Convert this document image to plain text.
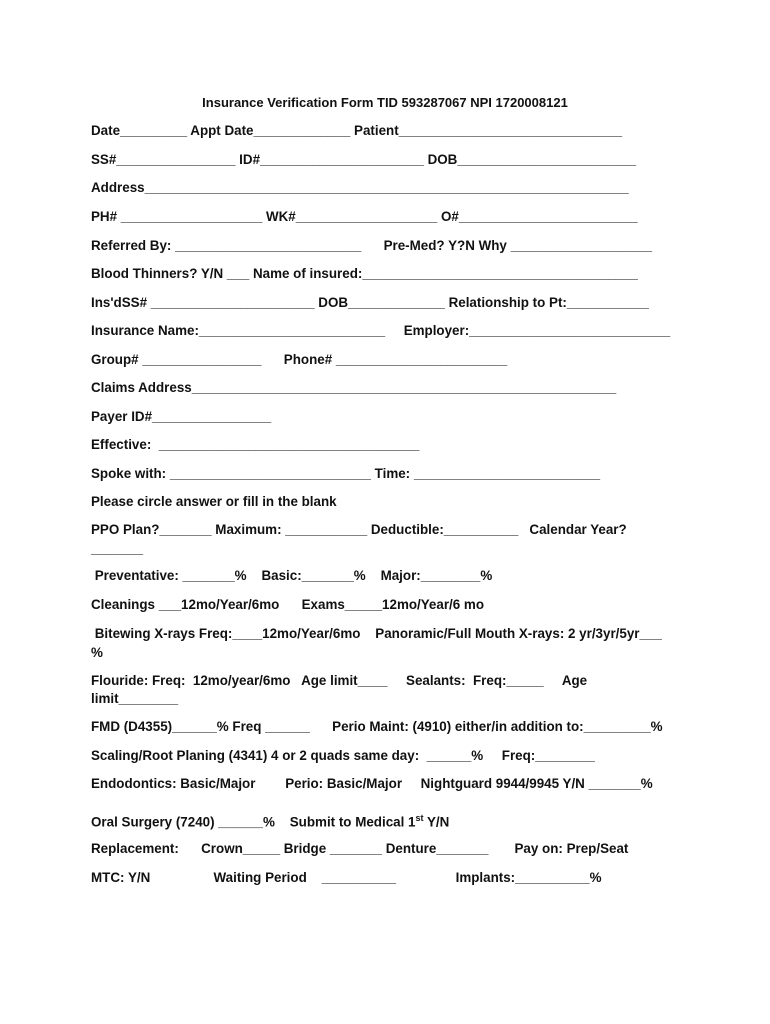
Insurance Verification Form TID 593287067 NPI 1720008121
Date_________ Appt Date_____________ Patient______________________________
SS#________________ ID#______________________ DOB________________________
Address_________________________________________________________________
PH# ___________________ WK#___________________ O#________________________
Referred By: _________________________      Pre-Med? Y?N Why ___________________
Blood Thinners? Y/N ___ Name of insured:_____________________________________
Ins'dSS# ______________________ DOB_____________ Relationship to Pt:___________
Insurance Name:_________________________     Employer:___________________________
Group# ________________      Phone# _______________________
Claims Address_________________________________________________________
Payer ID#________________
Effective:  ___________________________________
Spoke with: ___________________________ Time: _________________________
Please circle answer or fill in the blank
PPO Plan?_______ Maximum: ___________ Deductible:__________   Calendar Year?
_______
Preventative: _______%    Basic:_______%    Major:________%
Cleanings ___12mo/Year/6mo      Exams_____12mo/Year/6 mo
Bitewing X-rays Freq:____12mo/Year/6mo    Panoramic/Full Mouth X-rays: 2 yr/3yr/5yr___
%
Flouride: Freq:  12mo/year/6mo   Age limit____     Sealants:  Freq:_____     Age
limit________
FMD (D4355)______% Freq ______      Perio Maint: (4910) either/in addition to:_________%
Scaling/Root Planing (4341) 4 or 2 quads same day:  ______%     Freq:________
Endodontics: Basic/Major        Perio: Basic/Major     Nightguard 9944/9945 Y/N _______%
Oral Surgery (7240) ______%    Submit to Medical 1st Y/N
Replacement:      Crown_____ Bridge _______ Denture_______       Pay on: Prep/Seat
MTC: Y/N                 Waiting Period    __________                Implants:__________%
